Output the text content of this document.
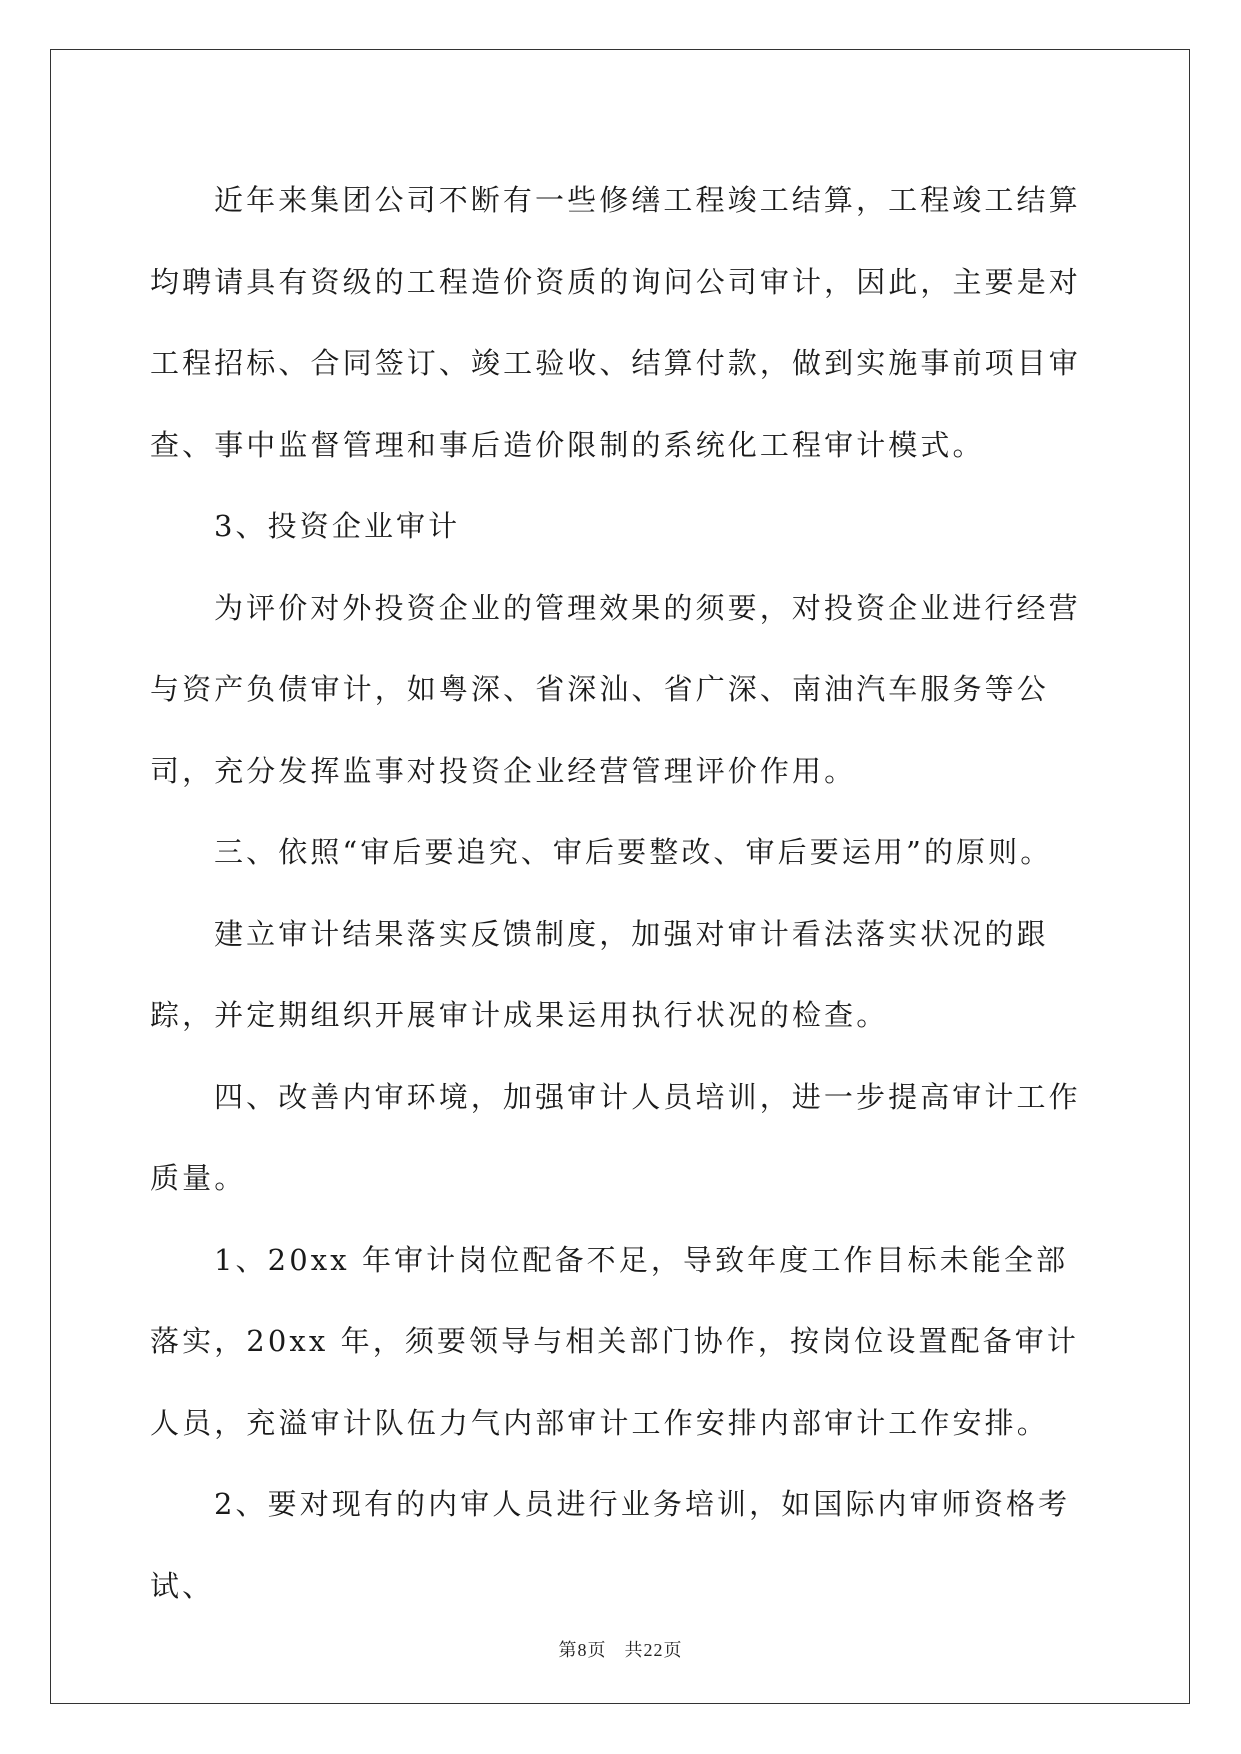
近年来集团公司不断有一些修缮工程竣工结算，工程竣工结算均聘请具有资级的工程造价资质的询问公司审计，因此，主要是对工程招标、合同签订、竣工验收、结算付款，做到实施事前项目审查、事中监督管理和事后造价限制的系统化工程审计模式。

3、投资企业审计

为评价对外投资企业的管理效果的须要，对投资企业进行经营与资产负债审计，如粤深、省深汕、省广深、南油汽车服务等公司，充分发挥监事对投资企业经营管理评价作用。

三、依照“审后要追究、审后要整改、审后要运用”的原则。

建立审计结果落实反馈制度，加强对审计看法落实状况的跟踪，并定期组织开展审计成果运用执行状况的检查。

四、改善内审环境，加强审计人员培训，进一步提高审计工作质量。

1、20xx 年审计岗位配备不足，导致年度工作目标未能全部落实，20xx 年，须要领导与相关部门协作，按岗位设置配备审计人员，充溢审计队伍力气内部审计工作安排内部审计工作安排。

2、要对现有的内审人员进行业务培训，如国际内审师资格考试、

第8页 共22页
